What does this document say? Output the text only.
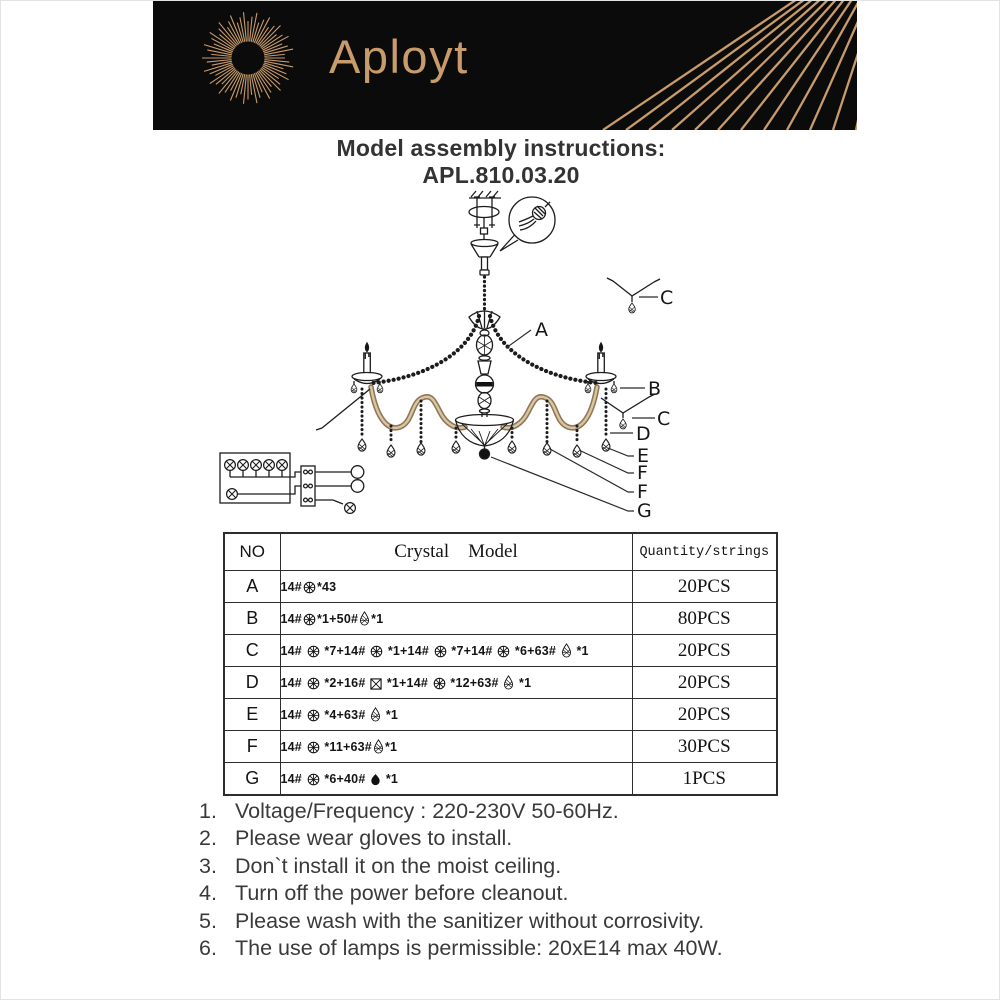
Aployt
Model assembly instructions:
APL.810.03.20
A
B
C
C
D
E
F
F
G
NO	Crystal    Model	Quantity/strings
A	14# *43	20PCS
B	14# *1+50# *1	80PCS
C	14#
*7+14#
*1+14#
*7+14#
*6+63#
*1	20PCS
D	14#
*2+16#
*1+14#
*12+63#
*1	20PCS
E	14#
*4+63#
*1	20PCS
F	14#
*11+63# *1	30PCS
G	14#
*6+40#
*1	1PCS
1. Voltage/Frequency : 220-230V 50-60Hz.
2. Please wear gloves to install.
3. Don`t install it on the moist ceiling.
4. Turn off the power before cleanout.
5. Please wash with the sanitizer without corrosivity.
6. The use of lamps is permissible: 20xE14 max 40W.
